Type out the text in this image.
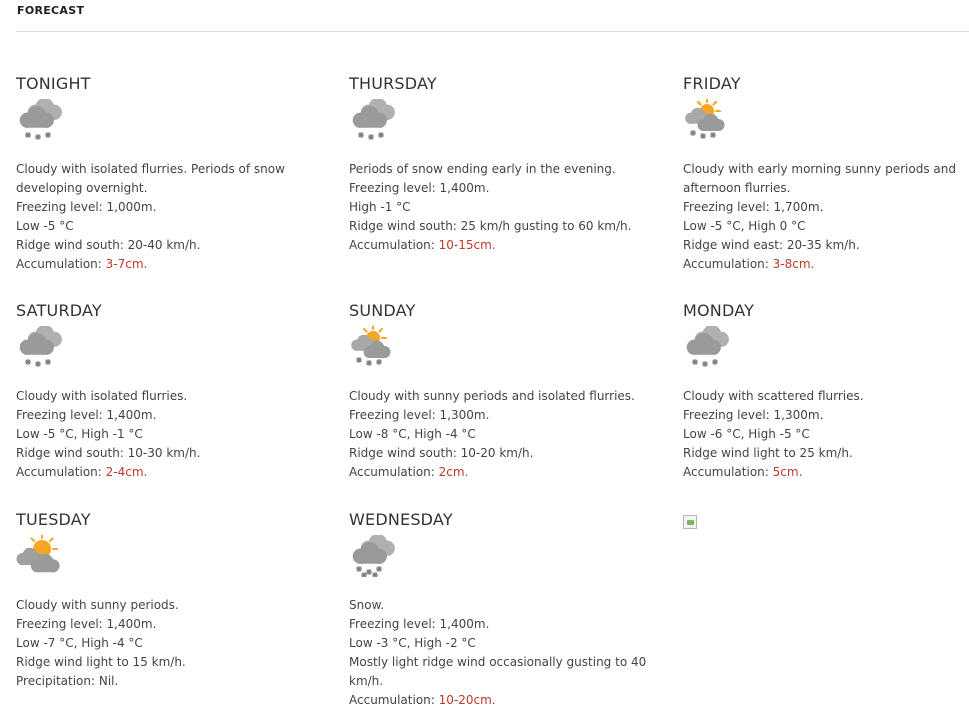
FORECAST
TONIGHT
Cloudy with isolated flurries. Periods of snow developing overnight.
Freezing level: 1,000m.
Low -5 °C
Ridge wind south: 20-40 km/h.
Accumulation: 3-7cm.
THURSDAY
Periods of snow ending early in the evening.
Freezing level: 1,400m.
High -1 °C
Ridge wind south: 25 km/h gusting to 60 km/h.
Accumulation: 10-15cm.
FRIDAY
Cloudy with early morning sunny periods and afternoon flurries.
Freezing level: 1,700m.
Low -5 °C, High 0 °C
Ridge wind east: 20-35 km/h.
Accumulation: 3-8cm.
SATURDAY
Cloudy with isolated flurries.
Freezing level: 1,400m.
Low -5 °C, High -1 °C
Ridge wind south: 10-30 km/h.
Accumulation: 2-4cm.
SUNDAY
Cloudy with sunny periods and isolated flurries.
Freezing level: 1,300m.
Low -8 °C, High -4 °C
Ridge wind south: 10-20 km/h.
Accumulation: 2cm.
MONDAY
Cloudy with scattered flurries.
Freezing level: 1,300m.
Low -6 °C, High -5 °C
Ridge wind light to 25 km/h.
Accumulation: 5cm.
TUESDAY
Cloudy with sunny periods.
Freezing level: 1,400m.
Low -7 °C, High -4 °C
Ridge wind light to 15 km/h.
Precipitation: Nil.
WEDNESDAY
Snow.
Freezing level: 1,400m.
Low -3 °C, High -2 °C
Mostly light ridge wind occasionally gusting to 40 km/h.
Accumulation: 10-20cm.
